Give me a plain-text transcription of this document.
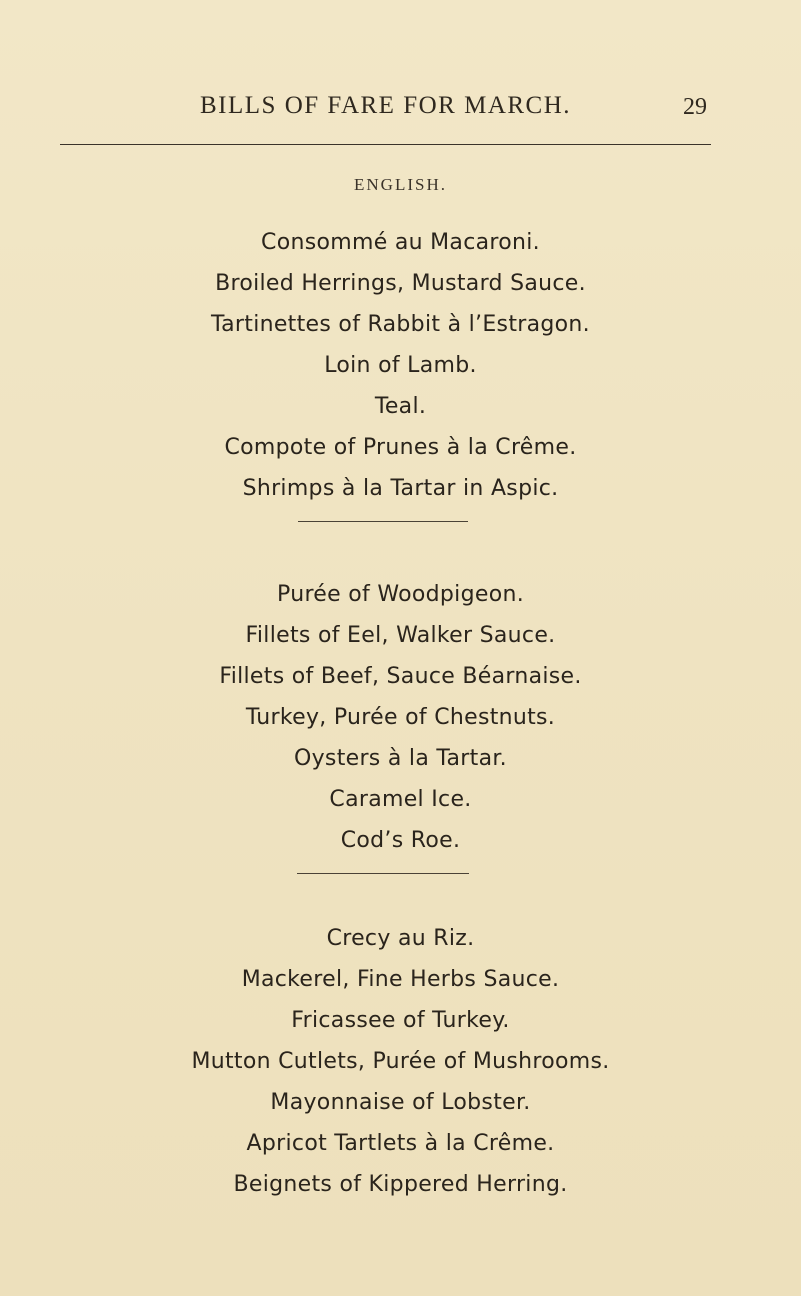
BILLS OF FARE FOR MARCH.	29
ENGLISH.
Consommé au Macaroni.
Broiled Herrings, Mustard Sauce.
Tartinettes of Rabbit à l’Estragon.
Loin of Lamb.
Teal.
Compote of Prunes à la Crême.
Shrimps à la Tartar in Aspic.
Purée of Woodpigeon.
Fillets of Eel, Walker Sauce.
Fillets of Beef, Sauce Béarnaise.
Turkey, Purée of Chestnuts.
Oysters à la Tartar.
Caramel Ice.
Cod’s Roe.
Crecy au Riz.
Mackerel, Fine Herbs Sauce.
Fricassee of Turkey.
Mutton Cutlets, Purée of Mushrooms.
Mayonnaise of Lobster.
Apricot Tartlets à la Crême.
Beignets of Kippered Herring.
